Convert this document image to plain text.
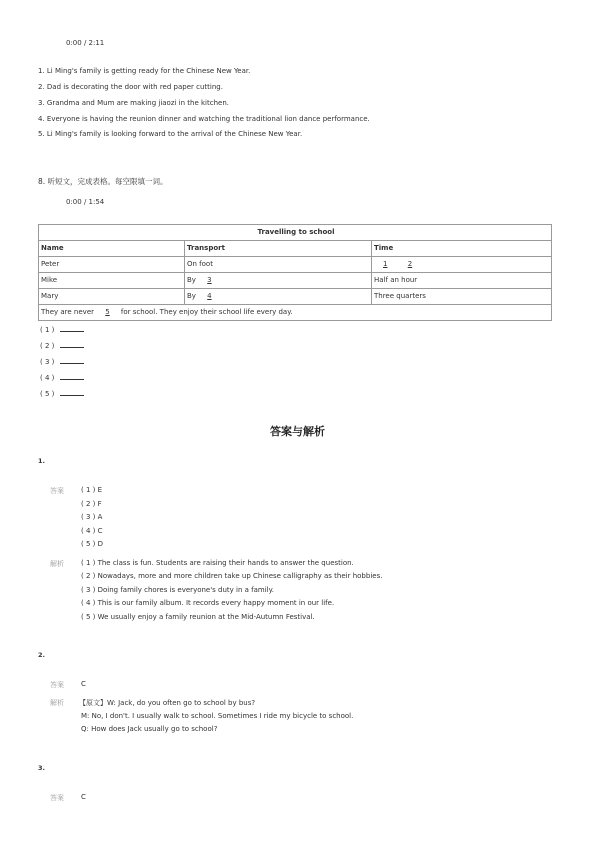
0:00 / 2:11
1. Li Ming's family is getting ready for the Chinese New Year.
2. Dad is decorating the door with red paper cutting.
3. Grandma and Mum are making jiaozi in the kitchen.
4. Everyone is having the reunion dinner and watching the traditional lion dance performance.
5. Li Ming's family is looking forward to the arrival of the Chinese New Year.
8. 听短文，完成表格。每空限填一词。
0:00 / 1:54
Travelling to school		
Name	Transport	Time
Peter	On foot	1 2
Mike	By 3	Half an hour
Mary	By 4	Three quarters
They are never 5 for school. They enjoy their school life every day.		
( 1 )
( 2 )
( 3 )
( 4 )
( 5 )
答案与解析
1.
答案 ( 1 ) E
( 2 ) F
( 3 ) A
( 4 ) C
( 5 ) D
解析 ( 1 ) The class is fun. Students are raising their hands to answer the question.
( 2 ) Nowadays, more and more children take up Chinese calligraphy as their hobbies.
( 3 ) Doing family chores is everyone's duty in a family.
( 4 ) This is our family album. It records every happy moment in our life.
( 5 ) We usually enjoy a family reunion at the Mid-Autumn Festival.
2.
答案 C
解析 【原文】W: Jack, do you often go to school by bus?
M: No, I don't. I usually walk to school. Sometimes I ride my bicycle to school.
Q: How does Jack usually go to school?
3.
答案 C
